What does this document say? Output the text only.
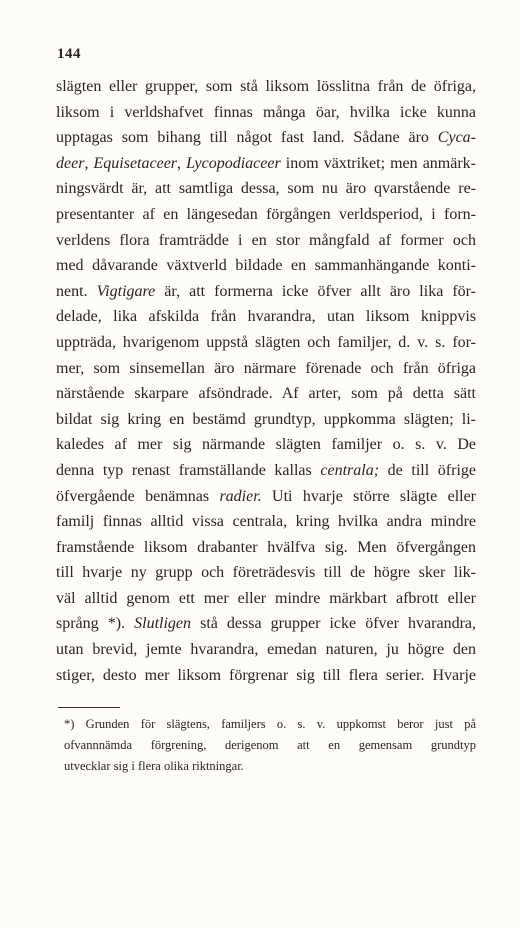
144
slägten eller grupper, som stå liksom lösslitna från de öfriga,
liksom i verldshafvet finnas många öar, hvilka icke kunna
upptagas som bihang till något fast land. Sådane äro Cyca-
deer, Equisetaceer, Lycopodiaceer inom växtriket; men anmärk-
ningsvärdt är, att samtliga dessa, som nu äro qvarstående re-
presentanter af en längesedan förgången verldsperiod, i forn-
verldens flora framträdde i en stor mångfald af former och
med dåvarande växtverld bildade en sammanhängande konti-
nent. Vigtigare är, att formerna icke öfver allt äro lika för-
delade, lika afskilda från hvarandra, utan liksom knippvis
uppträda, hvarigenom uppstå slägten och familjer, d. v. s. for-
mer, som sinsemellan äro närmare förenade och från öfriga
närstående skarpare afsöndrade. Af arter, som på detta sätt
bildat sig kring en bestämd grundtyp, uppkomma slägten; li-
kaledes af mer sig närmande slägten familjer o. s. v. De
denna typ renast framställande kallas centrala; de till öfrige
öfvergående benämnas radier. Uti hvarje större slägte eller
familj finnas alltid vissa centrala, kring hvilka andra mindre
framstående liksom drabanter hvälfva sig. Men öfvergången
till hvarje ny grupp och företrädesvis till de högre sker lik-
väl alltid genom ett mer eller mindre märkbart afbrott eller
språng *). Slutligen stå dessa grupper icke öfver hvarandra,
utan brevid, jemte hvarandra, emedan naturen, ju högre den
stiger, desto mer liksom förgrenar sig till flera serier. Hvarje
*) Grunden för slägtens, familjers o. s. v. uppkomst beror just på
ofvannnämda förgrening, derigenom att en gemensam grundtyp
utvecklar sig i flera olika riktningar.
